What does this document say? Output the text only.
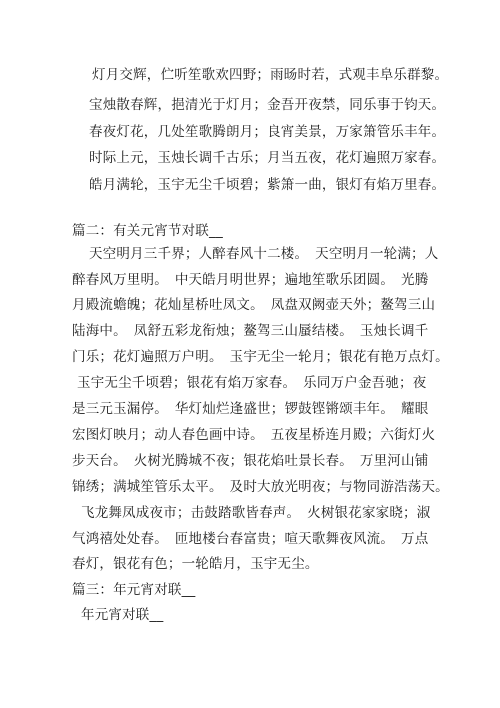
灯月交辉，伫听笙歌欢四野；雨旸时若，式观丰阜乐群黎。
宝烛散春辉，挹清光于灯月；金吾开夜禁，同乐事于钧天。
春夜灯花，几处笙歌腾朗月；良宵美景，万家箫管乐丰年。
时际上元，玉烛长调千古乐；月当五夜，花灯遍照万家春。
皓月满轮，玉宇无尘千顷碧；紫箫一曲，银灯有焰万里春。
篇二：有关元宵节对联__
天空明月三千界；人醉春风十二楼。　天空明月一轮满；人
醉春风万里明。　中天皓月明世界；遍地笙歌乐团圆。　光腾
月殿流蟾魄；花灿星桥吐凤文。　凤盘双阙壶天外；鳌驾三山
陆海中。　凤舒五彩龙衔烛；鳌驾三山蜃结楼。　玉烛长调千
门乐；花灯遍照万户明。　玉宇无尘一轮月；银花有艳万点灯。
玉宇无尘千顷碧；银花有焰万家春。　乐同万户金吾驰；夜
是三元玉漏停。　华灯灿烂逢盛世；锣鼓铿锵颂丰年。　耀眼
宏图灯映月；动人春色画中诗。　五夜星桥连月殿；六街灯火
步天台。　火树光腾城不夜；银花焰吐景长春。　万里河山铺
锦绣；满城笙管乐太平。　及时大放光明夜；与物同游浩荡天。
飞龙舞凤成夜市；击鼓踏歌皆春声。　火树银花家家晓；淑
气鸿禧处处春。　匝地楼台春富贵；喧天歌舞夜风流。　万点
春灯，银花有色；一轮皓月，玉宇无尘。
篇三：年元宵对联__
年元宵对联__
